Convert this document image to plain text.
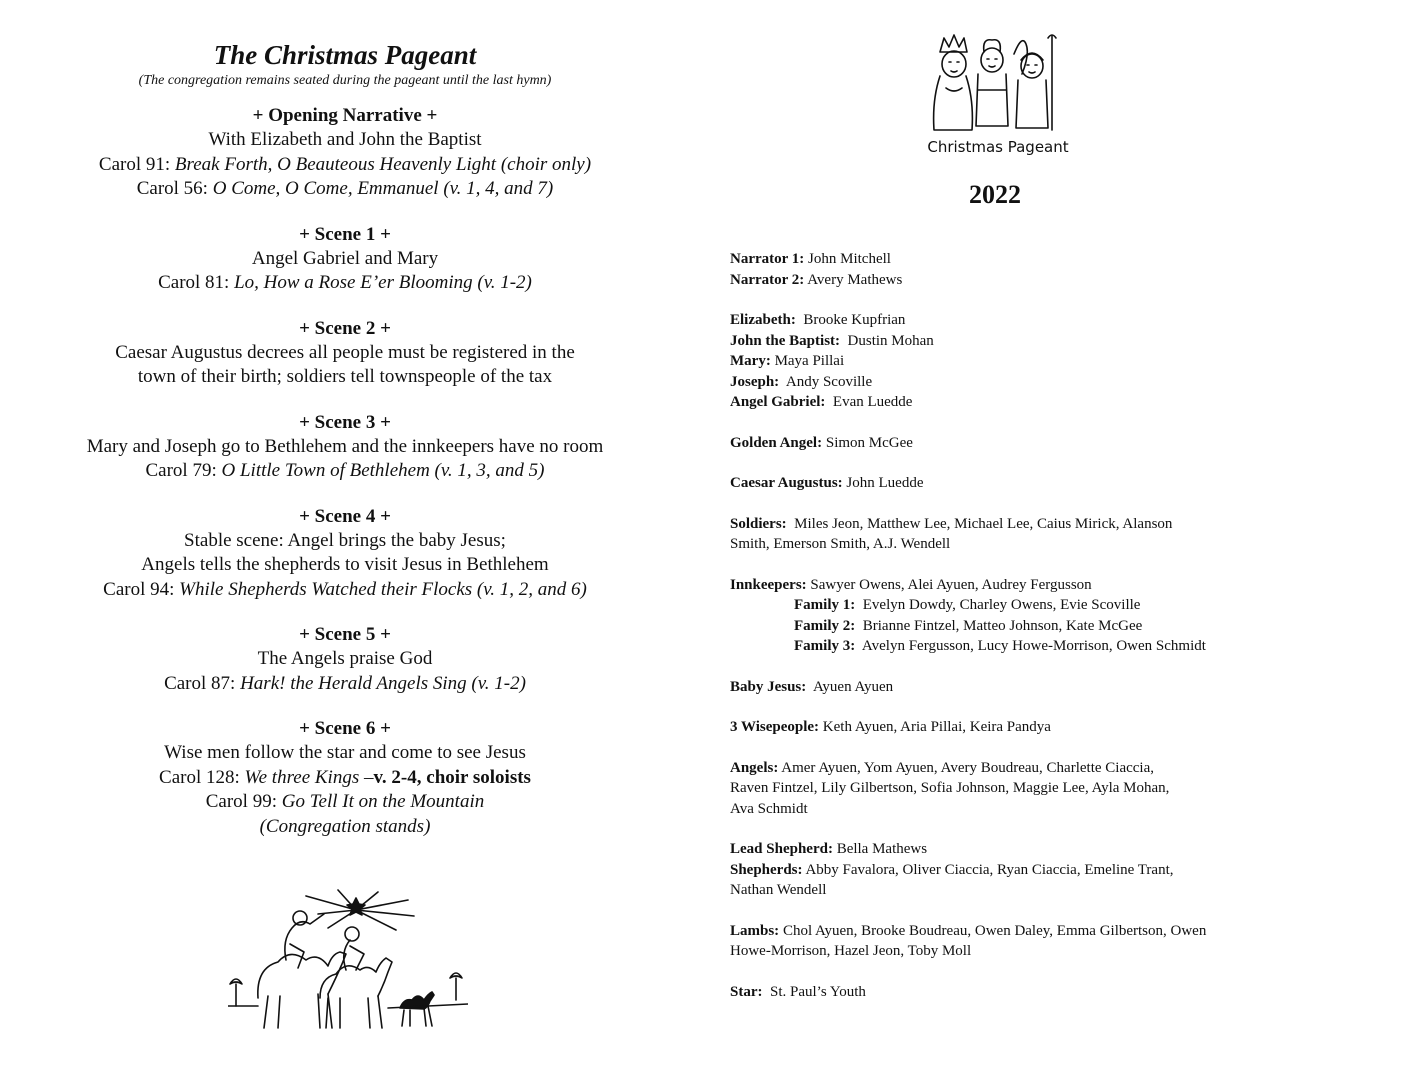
The Christmas Pageant
(The congregation remains seated during the pageant until the last hymn)
+ Opening Narrative +
With Elizabeth and John the Baptist
Carol 91: Break Forth, O Beauteous Heavenly Light (choir only)
Carol 56: O Come, O Come, Emmanuel (v. 1, 4, and 7)
+ Scene 1 +
Angel Gabriel and Mary
Carol 81: Lo, How a Rose E’er Blooming (v. 1-2)
+ Scene 2 +
Caesar Augustus decrees all people must be registered in the
town of their birth; soldiers tell townspeople of the tax
+ Scene 3 +
Mary and Joseph go to Bethlehem and the innkeepers have no room
Carol 79: O Little Town of Bethlehem (v. 1, 3, and 5)
+ Scene 4 +
Stable scene: Angel brings the baby Jesus;
Angels tells the shepherds to visit Jesus in Bethlehem
Carol 94: While Shepherds Watched their Flocks (v. 1, 2, and 6)
+ Scene 5 +
The Angels praise God
Carol 87: Hark! the Herald Angels Sing (v. 1-2)
+ Scene 6 +
Wise men follow the star and come to see Jesus
Carol 128: We three Kings –v. 2-4, choir soloists
Carol 99: Go Tell It on the Mountain
(Congregation stands)
Christmas Pageant
2022
Narrator 1: John Mitchell
Narrator 2: Avery Mathews
Elizabeth:  Brooke Kupfrian
John the Baptist:  Dustin Mohan
Mary: Maya Pillai
Joseph:  Andy Scoville
Angel Gabriel:  Evan Luedde
Golden Angel: Simon McGee
Caesar Augustus: John Luedde
Soldiers:  Miles Jeon, Matthew Lee, Michael Lee, Caius Mirick, Alanson
Smith, Emerson Smith, A.J. Wendell
Innkeepers: Sawyer Owens, Alei Ayuen, Audrey Fergusson
Family 1:  Evelyn Dowdy, Charley Owens, Evie Scoville
Family 2:  Brianne Fintzel, Matteo Johnson, Kate McGee
Family 3:  Avelyn Fergusson, Lucy Howe-Morrison, Owen Schmidt
Baby Jesus:  Ayuen Ayuen
3 Wisepeople: Keth Ayuen, Aria Pillai, Keira Pandya
Angels: Amer Ayuen, Yom Ayuen, Avery Boudreau, Charlette Ciaccia,
Raven Fintzel, Lily Gilbertson, Sofia Johnson, Maggie Lee, Ayla Mohan,
Ava Schmidt
Lead Shepherd: Bella Mathews
Shepherds: Abby Favalora, Oliver Ciaccia, Ryan Ciaccia, Emeline Trant,
Nathan Wendell
Lambs: Chol Ayuen, Brooke Boudreau, Owen Daley, Emma Gilbertson, Owen
Howe-Morrison, Hazel Jeon, Toby Moll
Star:  St. Paul’s Youth
